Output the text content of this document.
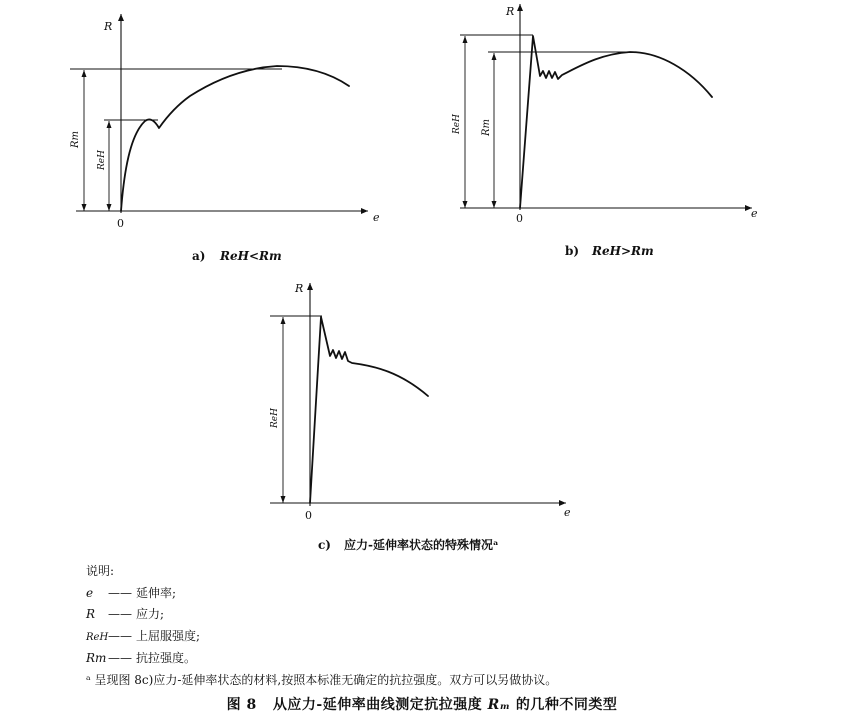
R
e
0
Rm
ReH
a) ReH<Rm
R
e
0
ReH Rm
b) ReH>Rm
R
e
0
ReH
c) 应力-延伸率状态的特殊情况ᵃ
说明:
e —— 延伸率;
R —— 应力;
ReH—— 上屈服强度;
Rm —— 抗拉强度。
ᵃ 呈现图 8c)应力-延伸率状态的材料,按照本标准无确定的抗拉强度。双方可以另做协议。
图 8 从应力-延伸率曲线测定抗拉强度 Rₘ 的几种不同类型
